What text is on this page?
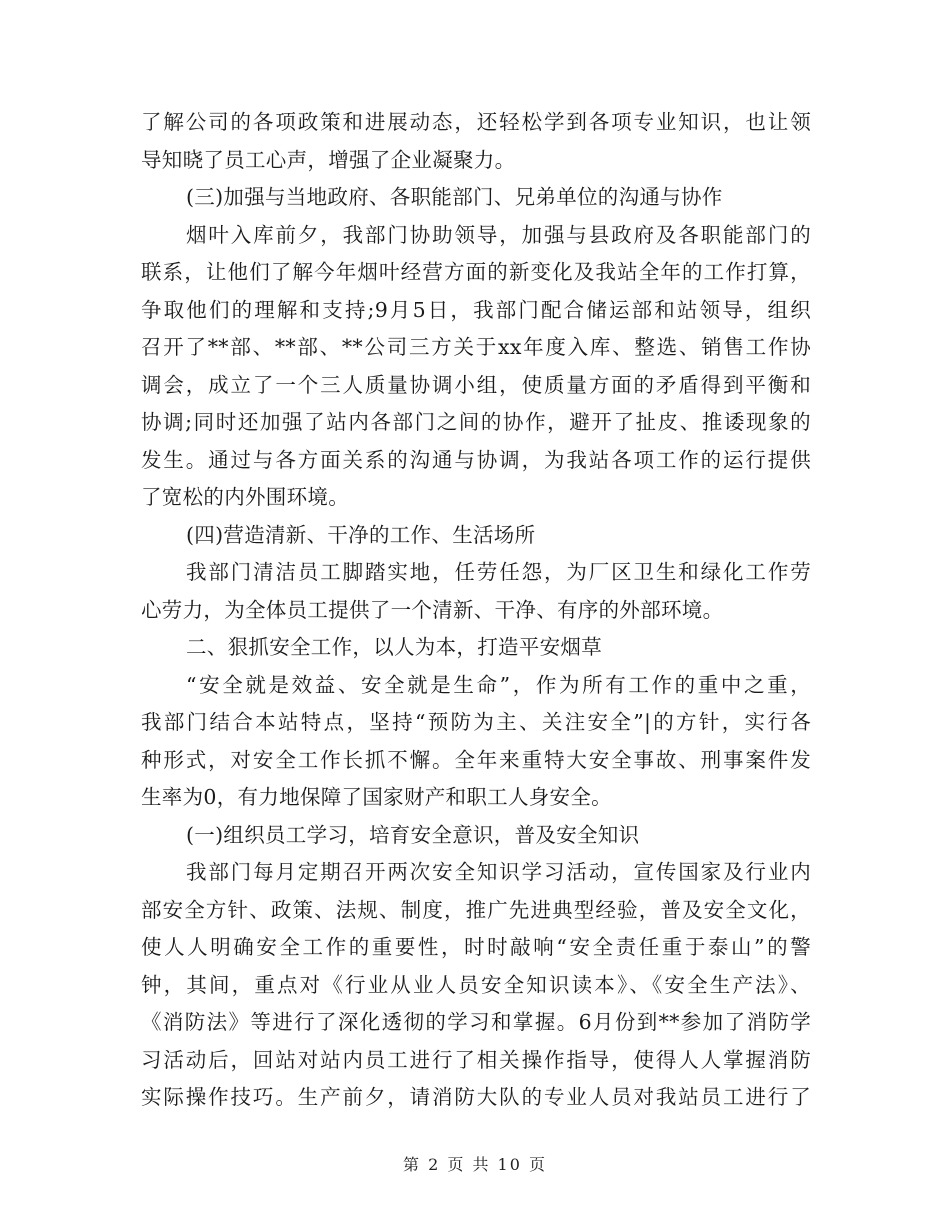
了解公司的各项政策和进展动态，还轻松学到各项专业知识，也让领
导知晓了员工心声，增强了企业凝聚力。
(三)加强与当地政府、各职能部门、兄弟单位的沟通与协作
烟叶入库前夕，我部门协助领导，加强与县政府及各职能部门的
联系，让他们了解今年烟叶经营方面的新变化及我站全年的工作打算，
争取他们的理解和支持;9月5日，我部门配合储运部和站领导，组织
召开了**部、**部、**公司三方关于xx年度入库、整选、销售工作协
调会，成立了一个三人质量协调小组，使质量方面的矛盾得到平衡和
协调;同时还加强了站内各部门之间的协作，避开了扯皮、推诿现象的
发生。通过与各方面关系的沟通与协调，为我站各项工作的运行提供
了宽松的内外围环境。
(四)营造清新、干净的工作、生活场所
我部门清洁员工脚踏实地，任劳任怨，为厂区卫生和绿化工作劳
心劳力，为全体员工提供了一个清新、干净、有序的外部环境。
二、狠抓安全工作，以人为本，打造平安烟草
“安全就是效益、安全就是生命”，作为所有工作的重中之重，
我部门结合本站特点，坚持“预防为主、关注安全”|的方针，实行各
种形式，对安全工作长抓不懈。全年来重特大安全事故、刑事案件发
生率为0，有力地保障了国家财产和职工人身安全。
(一)组织员工学习，培育安全意识，普及安全知识
我部门每月定期召开两次安全知识学习活动，宣传国家及行业内
部安全方针、政策、法规、制度，推广先进典型经验，普及安全文化，
使人人明确安全工作的重要性，时时敲响“安全责任重于泰山”的警
钟，其间，重点对《行业从业人员安全知识读本》、《安全生产法》、
《消防法》等进行了深化透彻的学习和掌握。6月份到**参加了消防学
习活动后，回站对站内员工进行了相关操作指导，使得人人掌握消防
实际操作技巧。生产前夕，请消防大队的专业人员对我站员工进行了
第 2 页 共 10 页
